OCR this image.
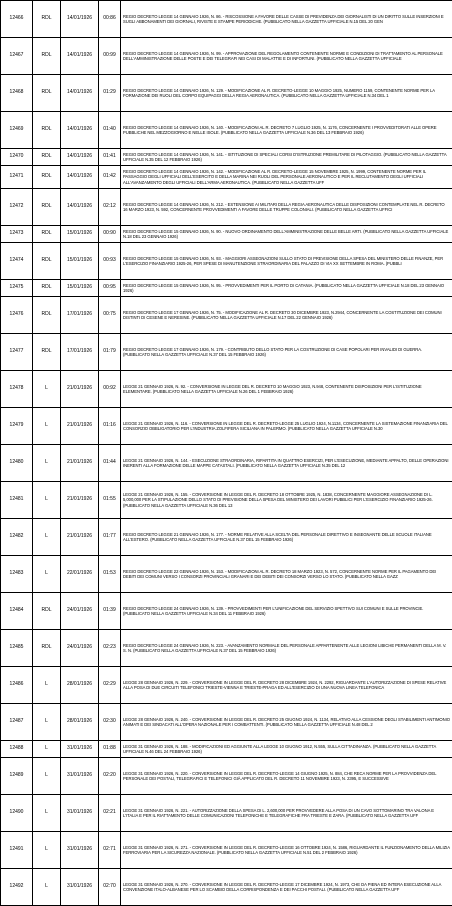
12466	RDL	14/01/1926	00:86	REGIO DECRETO LEGGE 14 GENNAIO 1926, N. 86. - RISCOSSIONE A FAVORE DELLE CASSE DI PREVIDENZA DEI GIORNALISTI DI UN DIRITTO SULLE INSERZIONI E SUGLI ABBONAMENTI DEI GIORNALI, RIVISTE E STAMPE PERIODICHE. (PUBBLICATO NELLA GAZZETTA UFFICIALE N.15 DEL 20 GEN
12467	RDL	14/01/1926	00:99	REGIO DECRETO LEGGE 14 GENNAIO 1926, N. 99. - APPROVAZIONE DEL REGOLAMENTO CONTENENTE NORME E CONDIZIONI DI TRATTAMENTO AL PERSONALE DELL'AMMINISTRAZIONE DELLE POSTE E DEI TELEGRAFI NEI CASI DI MALATTIE E DI INFORTUNI. (PUBBLICATO NELLA GAZZETTA UFFICIALE
12468	RDL	14/01/1926	01:29	REGIO DECRETO LEGGE 14 GENNAIO 1926, N. 129. - MODIFICAZIONE AL R. DECRETO-LEGGE 10 MAGGIO 1925, NUMERO 1159, CONTENENTE NORME PER LA FORMAZIONE DEI RUOLI DEL CORPO EQUIPAGGI DELLA REGIA AERONAUTICA. (PUBBLICATO NELLA GAZZETTA UFFICIALE N.34 DEL 1
12469	RDL	14/01/1926	01:40	REGIO DECRETO LEGGE 14 GENNAIO 1926, N. 140. - MODIFICAZIONI AL R. DECRETO 7 LUGLIO 1925, N. 1176, CONCERNENTE I PROVVEDITORATI ALLE OPERE PUBBLICHE NEL MEZZOGIORNO E NELLE ISOLE. (PUBBLICATO NELLA GAZZETTA UFFICIALE N.36 DEL 13 FEBBRAIO 1926)
12470	RDL	14/01/1926	01:41	REGIO DECRETO LEGGE 14 GENNAIO 1926, N. 141. - ISTITUZIONE DI SPECIALI CORSI D'ISTRUZIONE PREMILITARE DI PILOTAGGIO. (PUBBLICATO NELLA GAZZETTA UFFICIALE N.35 DEL 12 FEBBRAIO 1926)
12471	RDL	14/01/1926	01:42	REGIO DECRETO LEGGE 14 GENNAIO 1926, N. 142. - MODIFICAZIONE AL R. DECRETO-LEGGE 15 NOVEMBRE 1925, N. 1999, CONTENENTE NORME PER IL PASSAGGIO DEGLI UFFICIALI DELL'ESERCITO E DELLA MARINA NEI RUOLI DEL PERSONALE AERONAUTICO E PER IL RECLUTAMENTO DEGLI UFFICIALI ALL'AVANZAMENTO DEGLI UFFICIALI DELL'ARMA AERONAUTICA. (PUBBLICATO NELLA GAZZETTA UFF
12472	RDL	14/01/1926	02:12	REGIO DECRETO LEGGE 14 GENNAIO 1926, N. 212. - ESTENSIONE AI MILITARI DELLA REGIA AERONAUTICA DELLE DISPOSIZIONI CONTEMPLATE NEL R. DECRETO 16 MARZO 1923, N. 592, CONCERNENTE PROVVEDIMENTI A FAVORE DELLE TRUPPE COLONIALI. (PUBBLICATO NELLA GAZZETTA UFFICI
12473	RDL	15/01/1926	00:90	REGIO DECRETO LEGGE 15 GENNAIO 1926, N. 90. - NUOVO ORDINAMENTO DELL'AMMINISTRAZIONE DELLE BELLE ARTI. (PUBBLICATO NELLA GAZZETTA UFFICIALE N.18 DEL 23 GENNAIO 1926)
12474	RDL	15/01/1926	00:93	REGIO DECRETO LEGGE 15 GENNAIO 1926, N. 93. - MAGGIORI ASSEGNAZIONI SULLO STATO DI PREVISIONE DELLA SPESA DEL MINISTERO DELLE FINANZE, PER L'ESERCIZIO FINANZIARIO 1925-26, PER SPESE DI MANUTENZIONE STRAORDINARIA DEL PALAZZO DI VIA XX SETTEMBRE IN ROMA. (PUBBLI
12475	RDL	15/01/1926	00:95	REGIO DECRETO LEGGE 15 GENNAIO 1926, N. 95. - PROVVEDIMENTI PER IL PORTO DI CATANIA. (PUBBLICATO NELLA GAZZETTA UFFICIALE N.18 DEL 23 GENNAIO 1926)
12476	RDL	17/01/1926	00:75	REGIO DECRETO LEGGE 17 GENNAIO 1926, N. 75. - MODIFICAZIONE AL R. DECRETO 30 DICEMBRE 1923, N.2944, CONCERNENTE LA COSTITUZIONE DEI COMUNI DISTINTI DI CESENE E NERESINE. (PUBBLICATO NELLA GAZZETTA UFFICIALE N.17 DEL 22 GENNAIO 1926)
12477	RDL	17/01/1926	01:79	REGIO DECRETO LEGGE 17 GENNAIO 1926, N. 179. - CONTRIBUTO DELLO STATO PER LA COSTRUZIONE DI CASE POPOLARI PER INVALIDI DI GUERRA. (PUBBLICATO NELLA GAZZETTA UFFICIALE N.37 DEL 15 FEBBRAIO 1926)
12478	L	21/01/1926	00:92	LEGGE 21 GENNAIO 1926, N. 92. - CONVERSIONE IN LEGGE DEL R. DECRETO 10 MAGGIO 1923, N.948, CONTENENTE DISPOSIZIONI PER L'ISTITUZIONE ELEMENTARE. (PUBBLICATO NELLA GAZZETTA UFFICIALE N.26 DEL 1 FEBBRAIO 1926)
12479	L	21/01/1926	01:16	LEGGE 21 GENNAIO 1926, N. 116. - CONVERSIONE IN LEGGE DEL R. DECRETO-LEGGE 25 LUGLIO 1924, N.1134, CONCERNENTE LA SISTEMAZIONE FINANZIARIA DEL CONSORZIO OBBLIGATORIO PER L'INDUSTRIA ZOLFIFERA SICILIANA IN PALERMO. (PUBBLICATO NELLA GAZZETTA UFFICIALE N.30
12480	L	21/01/1926	01:44	LEGGE 21 GENNAIO 1926, N. 144. - ESECUZIONE STRAORDINARIA, RIPARTITA IN QUATTRO ESERCIZI, PER L'ESECUZIONE, MEDIANTE APPALTO, DELLE OPERAZIONI INERENTI ALLA FORMAZIONE DELLE MAPPE CATASTALI. (PUBBLICATO NELLA GAZZETTA UFFICIALE N.35 DEL 12
12481	L	21/01/1926	01:55	LEGGE 21 GENNAIO 1926, N. 155. - CONVERSIONE IN LEGGE DEL R. DECRETO 18 OTTOBRE 1925, N. 1838, CONCERNENTE MAGGIORE ASSEGNAZIONE DI L. 5,000,000 PER LA STIPULAZIONE DELLO STATO DI PREVISIONE DELLA SPESA DEL MINISTERO DEI LAVORI PUBBLICI PER L'ESERCIZIO FINANZIARIO 1925-26. (PUBBLICATO NELLA GAZZETTA UFFICIALE N.36 DEL 13
12482	L	21/01/1926	01:77	REGIO DECRETO LEGGE 21 GENNAIO 1926, N. 177. - NORME RELATIVE ALLA SCELTA DEL PERSONALE DIRETTIVO E INSEGNANTE DELLE SCUOLE ITALIANE ALL'ESTERO. (PUBBLICATO NELLA GAZZETTA UFFICIALE N.37 DEL 15 FEBBRAIO 1926)
12483	L	22/01/1926	01:53	REGIO DECRETO LEGGE 22 GENNAIO 1926, N. 153. - MODIFICAZIONI AL R. DECRETO 18 MARZO 1923, N. 572, CONCERNENTE NORME PER IL PAGAMENTO DEI DEBITI DEI COMUNI VERSO I CONSORZI PROVINCIALI GRANARI E DEI DEBITI DEI CONSORZI VERSO LO STATO. (PUBBLICATO NELLA GAZZ
12484	RDL	24/01/1926	01:39	REGIO DECRETO LEGGE 24 GENNAIO 1926, N. 139. - PROVVEDIMENTI PER L'UNIFICAZIONE DEL SERVIZIO SPETTIVO SUI COMUNI E SULLE PROVINCIE. (PUBBLICATO NELLA GAZZETTA UFFICIALE N.34 DEL 11 FEBBRAIO 1926)
12485	RDL	24/01/1926	02:23	REGIO DECRETO LEGGE 24 GENNAIO 1926, N. 223. - AVANZAMENTO NORMALE DEL PERSONALE APPARTENENTE ALLE LEGIONI LIBICHE PERMANENTI DELLA M. V. S. N. (PUBBLICATO NELLA GAZZETTA UFFICIALE N.37 DEL 15 FEBBRAIO 1926)
12486	L	28/01/1926	02:29	LEGGE 28 GENNAIO 1926, N. 229. - CONVERSIONE IN LEGGE DEL R. DECRETO 28 DICEMBRE 1924, N. 2292, RIGUARDANTE L'AUTORIZZAZIONE DI SPESE RELATIVE ALLA POSA DI DUE CIRCUITI TELEFONICI TRIESTE-VIENNA E TRIESTE-PRAGA ED ALL'ESERCIZIO DI UNA NUOVA LINEA TELEFONICA
12487	L	28/01/1926	02:30	LEGGE 28 GENNAIO 1926, N. 240. - CONVERSIONE IN LEGGE DEL R. DECRETO 25 GIUGNO 1924, N. 1134, RELATIVO ALLA CESSIONE DEGLI STABILIMENTI ANTIMONIO ANIMATI E DEI SINDACATI ALL'OPERA NAZIONALE PER I COMBATTENTI. (PUBBLICATO NELLA GAZZETTA UFFICIALE N.48 DEL 2
12488	L	31/01/1926	01:88	LEGGE 31 GENNAIO 1926, N. 188. - MODIFICAZIONI ED AGGIUNTE ALLA LEGGE 10 GIUGNO 1912, N.555, SULLA CITTADINANZA. (PUBBLICATO NELLA GAZZETTA UFFICIALE N.46 DEL 24 FEBBRAIO 1926)
12489	L	31/01/1926	02:20	LEGGE 31 GENNAIO 1926, N. 220. - CONVERSIONE IN LEGGE DEL R. DECRETO-LEGGE 14 GIUGNO 1925, N. 884, CHE RECA NORME PER LA PROVVIDENZA DEL PERSONALE DEI POSTALI, TELEGRAFICI E TELEFONICI GIÀ APPLICATO DEL R. DECRETO 11 NOVEMBRE 1923, N. 2395, E SUCCESSIVE
12490	L	31/01/1926	02:21	LEGGE 31 GENNAIO 1926, N. 221. - AUTORIZZAZIONE DELLA SPESA DI L. 2,600,000 PER PROVVEDERE ALLA POSA DI UN CAVO SOTTOMARINO TRA VALONA E L'ITALIA E PER IL RIATTAMENTO DELLE COMUNICAZIONI TELEFONICHE E TELEGRAFICHE FRA TRIESTE E ZARA. (PUBBLICATO NELLA GAZZETTA UFF
12491	L	31/01/1926	02:71	LEGGE 31 GENNAIO 1926, N. 271. - CONVERSIONE IN LEGGE DEL R. DECRETO-LEGGE 16 OTTOBRE 1924, N. 1586, RIGUARDANTE IL FUNZIONAMENTO DELLA MILIZIA FERROVIARIA PER LA SICUREZZA NAZIONALE. (PUBBLICATO NELLA GAZZETTA UFFICIALE N.51 DEL 2 FEBBRAIO 1926)
12492	L	31/01/1926	02:70	LEGGE 31 GENNAIO 1926, N. 270. - CONVERSIONE IN LEGGE DEL R. DECRETO-LEGGE 17 DICEMBRE 1924, N. 1973, CHE DA PIENA ED INTERA ESECUZIONE ALLA CONVENZIONE ITALO-ALBANESE PER LO SCAMBIO DELLA CORRISPONDENZA E DEI PACCHI POSTALI. (PUBBLICATO NELLA GAZZETTA UFF
